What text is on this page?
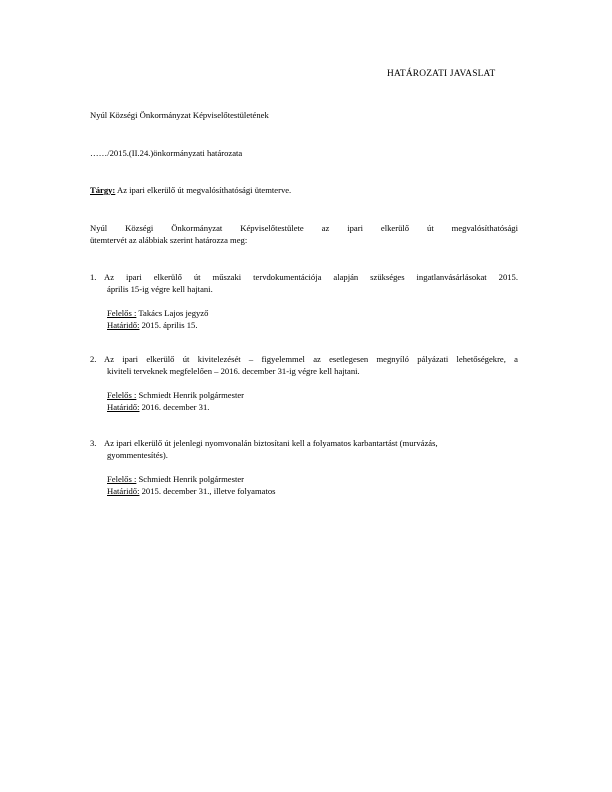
HATÁROZATI JAVASLAT
Nyúl Községi Önkormányzat Képviselőtestületének
……/2015.(II.24.)önkormányzati határozata
Tárgy: Az ipari elkerülő út megvalósíthatósági ütemterve.
Nyúl Községi Önkormányzat Képviselőtestülete az ipari elkerülő út megvalósíthatósági
ütemtervét az alábbiak szerint határozza meg:
1. Az ipari elkerülő út műszaki tervdokumentációja alapján szükséges ingatlanvásárlásokat 2015.
április 15-ig végre kell hajtani.
Felelős : Takács Lajos jegyző
Határidő: 2015. április 15.
2. Az ipari elkerülő út kivitelezését – figyelemmel az esetlegesen megnyíló pályázati lehetőségekre, a
kiviteli terveknek megfelelően – 2016. december 31-ig végre kell hajtani.
Felelős : Schmiedt Henrik polgármester
Határidő: 2016. december 31.
3. Az ipari elkerülő út jelenlegi nyomvonalán biztosítani kell a folyamatos karbantartást (murvázás,
gyommentesítés).
Felelős : Schmiedt Henrik polgármester
Határidő: 2015. december 31., illetve folyamatos
